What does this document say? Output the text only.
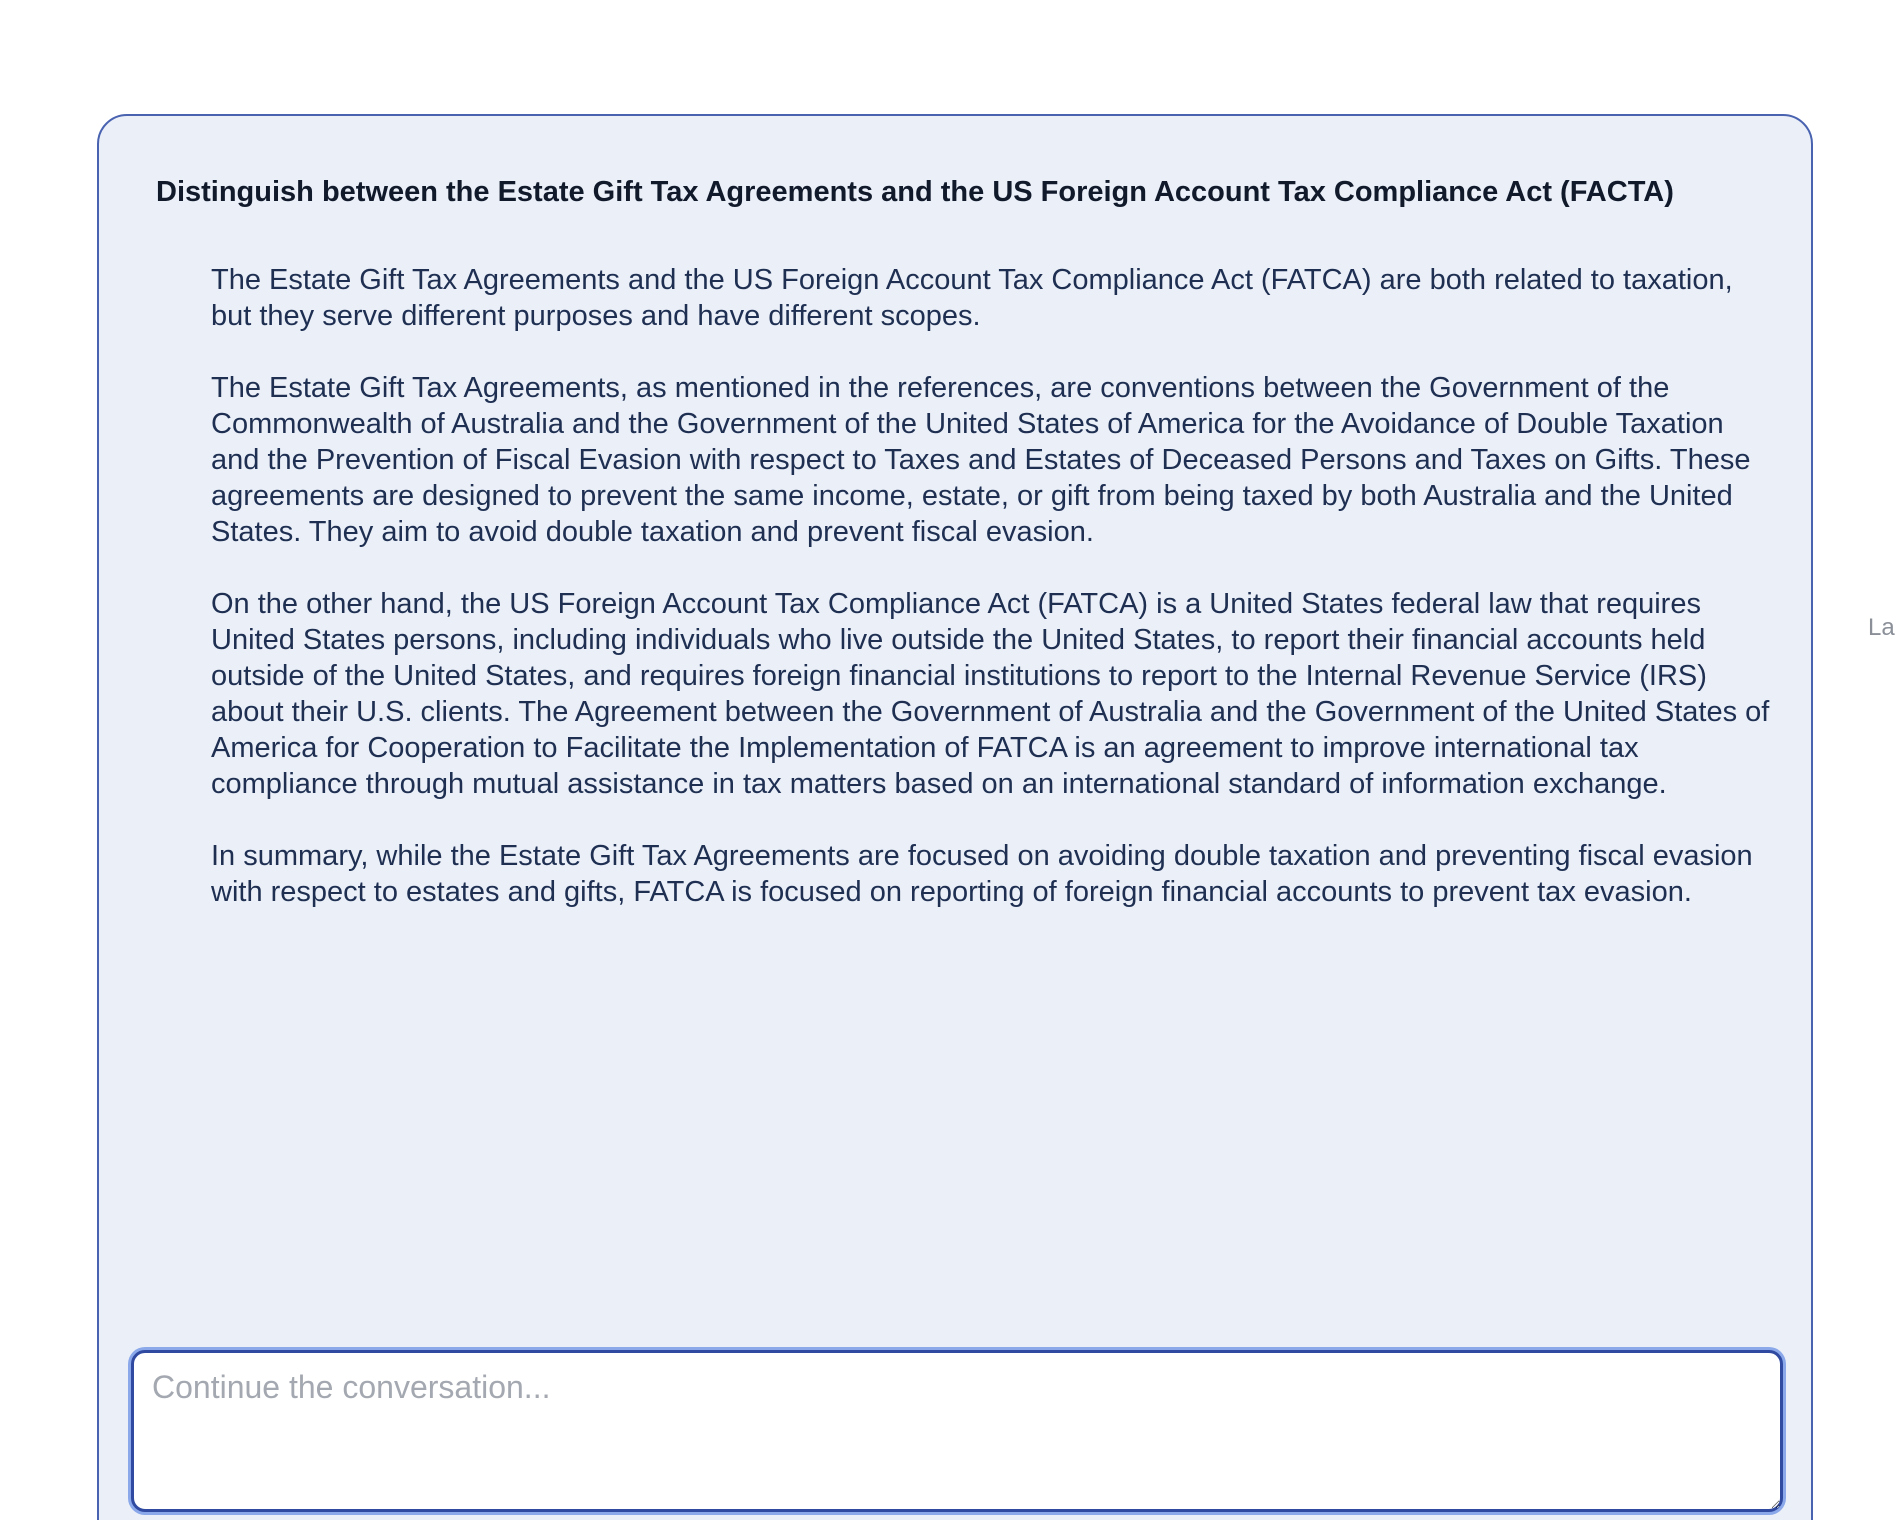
Distinguish between the Estate Gift Tax Agreements and the US Foreign Account Tax Compliance Act (FACTA)

The Estate Gift Tax Agreements and the US Foreign Account Tax Compliance Act (FATCA) are both related to taxation, but they serve different purposes and have different scopes.

The Estate Gift Tax Agreements, as mentioned in the references, are conventions between the Government of the Commonwealth of Australia and the Government of the United States of America for the Avoidance of Double Taxation and the Prevention of Fiscal Evasion with respect to Taxes and Estates of Deceased Persons and Taxes on Gifts. These agreements are designed to prevent the same income, estate, or gift from being taxed by both Australia and the United States. They aim to avoid double taxation and prevent fiscal evasion.

On the other hand, the US Foreign Account Tax Compliance Act (FATCA) is a United States federal law that requires United States persons, including individuals who live outside the United States, to report their financial accounts held outside of the United States, and requires foreign financial institutions to report to the Internal Revenue Service (IRS) about their U.S. clients. The Agreement between the Government of Australia and the Government of the United States of America for Cooperation to Facilitate the Implementation of FATCA is an agreement to improve international tax compliance through mutual assistance in tax matters based on an international standard of information exchange.

In summary, while the Estate Gift Tax Agreements are focused on avoiding double taxation and preventing fiscal evasion with respect to estates and gifts, FATCA is focused on reporting of foreign financial accounts to prevent tax evasion.

Continue the conversation...
La
